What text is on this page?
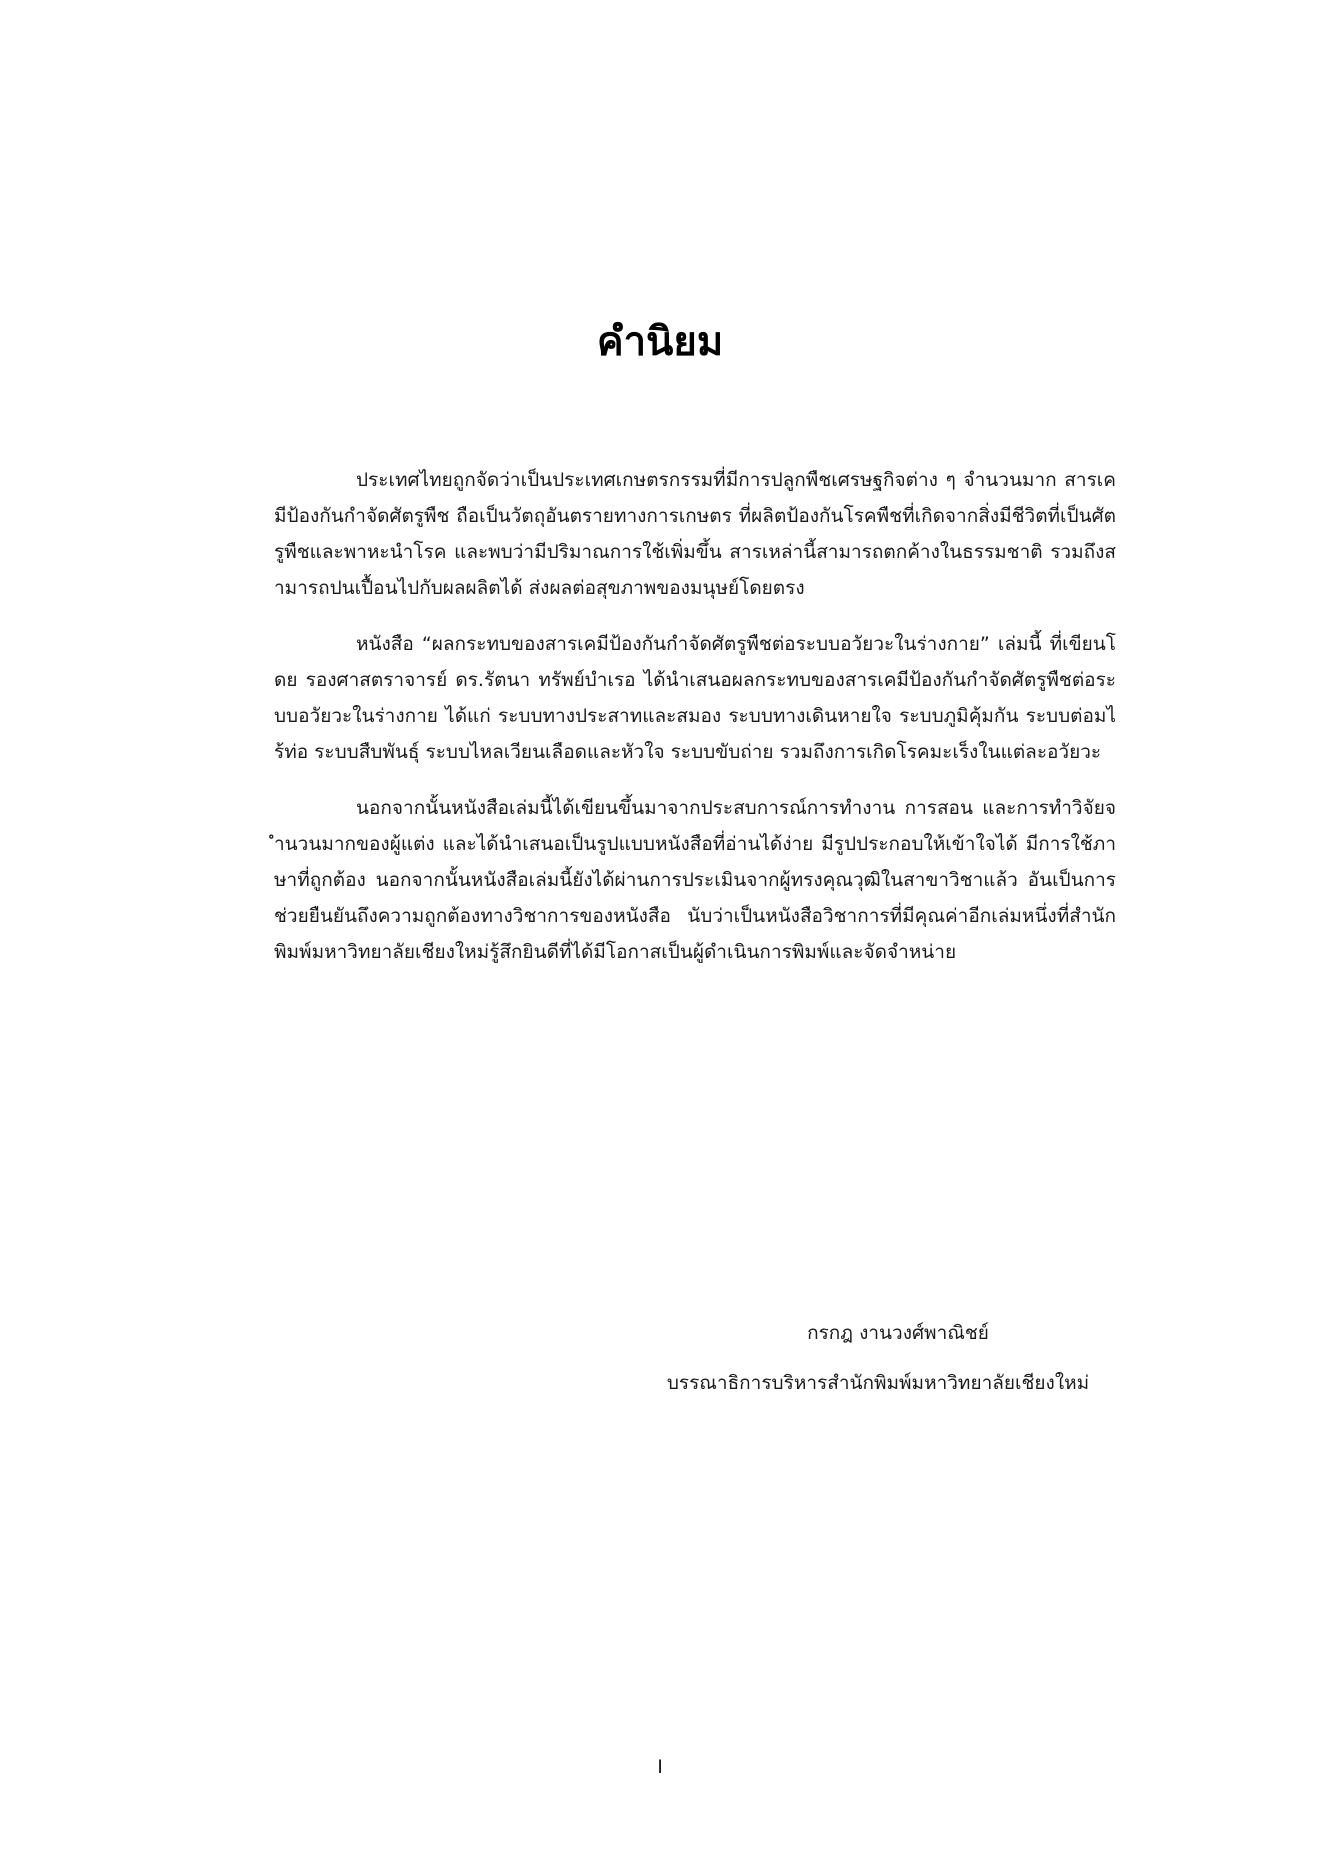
คำนิยม

ประเทศไทยถูกจัดว่าเป็นประเทศเกษตรกรรมที่มีการปลูกพืชเศรษฐกิจต่าง ๆ จำนวนมาก สารเคมีป้องกันกำจัดศัตรูพืช ถือเป็นวัตถุอันตรายทางการเกษตร ที่ผลิตป้องกันโรคพืชที่เกิดจากสิ่งมีชีวิตที่เป็นศัตรูพืชและพาหะนำโรค และพบว่ามีปริมาณการใช้เพิ่มขึ้น สารเหล่านี้สามารถตกค้างในธรรมชาติ รวมถึงสามารถปนเปื้อนไปกับผลผลิตได้ ส่งผลต่อสุขภาพของมนุษย์โดยตรง

หนังสือ “ผลกระทบของสารเคมีป้องกันกำจัดศัตรูพืชต่อระบบอวัยวะในร่างกาย” เล่มนี้ ที่เขียนโดย รองศาสตราจารย์ ดร.รัตนา ทรัพย์บำเรอ ได้นำเสนอผลกระทบของสารเคมีป้องกันกำจัดศัตรูพืชต่อระบบอวัยวะในร่างกาย ได้แก่ ระบบทางประสาทและสมอง ระบบทางเดินหายใจ ระบบภูมิคุ้มกัน ระบบต่อมไร้ท่อ ระบบสืบพันธุ์ ระบบไหลเวียนเลือดและหัวใจ ระบบขับถ่าย รวมถึงการเกิดโรคมะเร็งในแต่ละอวัยวะ

นอกจากนั้นหนังสือเล่มนี้ได้เขียนขึ้นมาจากประสบการณ์การทำงาน การสอน และการทำวิจัยจำนวนมากของผู้แต่ง และได้นำเสนอเป็นรูปแบบหนังสือที่อ่านได้ง่าย มีรูปประกอบให้เข้าใจได้ มีการใช้ภาษาที่ถูกต้อง นอกจากนั้นหนังสือเล่มนี้ยังได้ผ่านการประเมินจากผู้ทรงคุณวุฒิในสาขาวิชาแล้ว อันเป็นการช่วยยืนยันถึงความถูกต้องทางวิชาการของหนังสือ นับว่าเป็นหนังสือวิชาการที่มีคุณค่าอีกเล่มหนึ่งที่สำนักพิมพ์มหาวิทยาลัยเชียงใหม่รู้สึกยินดีที่ได้มีโอกาสเป็นผู้ดำเนินการพิมพ์และจัดจำหน่าย

กรกฎ งานวงศ์พาณิชย์
บรรณาธิการบริหารสำนักพิมพ์มหาวิทยาลัยเชียงใหม่
I
